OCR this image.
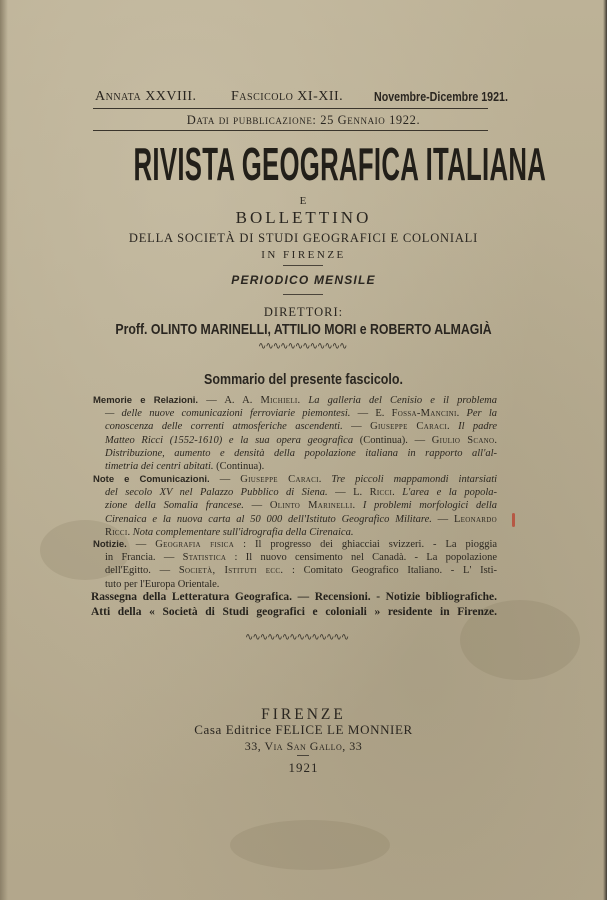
Annata XXVIII. Fascicolo XI-XII. Novembre-Dicembre 1921.
Data di pubblicazione: 25 Gennaio 1922.
RIVISTA GEOGRAFICA ITALIANA
E
BOLLETTINO
DELLA SOCIETÀ DI STUDI GEOGRAFICI E COLONIALI
IN FIRENZE
PERIODICO MENSILE
DIRETTORI:
Proff. OLINTO MARINELLI, ATTILIO MORI e ROBERTO ALMAGIÀ
∿∿∿∿∿∿∿∿∿∿∿∿
Sommario del presente fascicolo.
Memorie e Relazioni. — A. A. Michieli. La galleria del Cenisio e il problema
— delle nuove comunicazioni ferroviarie piemontesi. — E. Fossa-Mancini. Per la
conoscenza delle correnti atmosferiche ascendenti. — Giuseppe Caraci. Il padre
Matteo Ricci (1552-1610) e la sua opera geografica (Continua). — Giulio Scano.
Distribuzione, aumento e densità della popolazione italiana in rapporto all'al-
timetria dei centri abitati. (Continua).
Note e Comunicazioni. — Giuseppe Caraci. Tre piccoli mappamondi intarsiati
del secolo XV nel Palazzo Pubblico di Siena. — L. Ricci. L'area e la popola-
zione della Somalia francese. — Olinto Marinelli. I problemi morfologici della
Cirenaica e la nuova carta al 50 000 dell'Istituto Geografico Militare. — Leonardo
Ricci. Nota complementare sull'idrografia della Cirenaica.
Notizie. — Geografia fisica : Il progresso dei ghiacciai svizzeri. - La pioggia
in Francia. — Statistica : Il nuovo censimento nel Canadà. - La popolazione
dell'Egitto. — Società, Istituti ecc. : Comitato Geografico Italiano. - L' Isti-
tuto per l'Europa Orientale.
Rassegna della Letteratura Geografica. — Recensioni. - Notizie bibliografiche.
Atti della « Società di Studi geografici e coloniali » residente in Firenze.
∿∿∿∿∿∿∿∿∿∿∿∿∿∿
FIRENZE
Casa Editrice FELICE LE MONNIER
33, Via San Gallo, 33
1921
